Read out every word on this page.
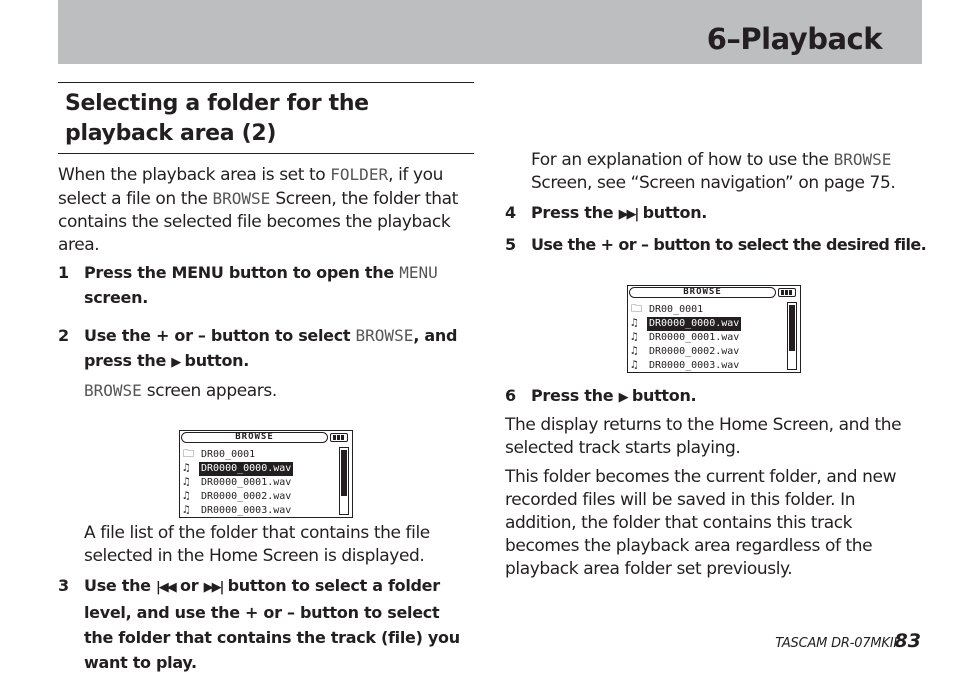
6–Playback
Selecting a folder for the playback area (2)
When the playback area is set to FOLDER, if you select a file on the BROWSE Screen, the folder that contains the selected file becomes the playback area.
1 Press the MENU button to open the MENU screen.
2 Use the + or – button to select BROWSE, and press the ▶ button.
BROWSE screen appears.
BROWSE
🗀 DR00_0001
♫ DR0000_0000.wav
♫ DR0000_0001.wav
♫ DR0000_0002.wav
♫ DR0000_0003.wav
A file list of the folder that contains the file selected in the Home Screen is displayed.
3 Use the |◀◀ or ▶▶| button to select a folder level, and use the + or – button to select the folder that contains the track (file) you want to play.
For an explanation of how to use the BROWSE Screen, see “Screen navigation” on page 75.
4 Press the ▶▶| button.
5 Use the + or – button to select the desired file.
BROWSE
🗀 DR00_0001
♫ DR0000_0000.wav
♫ DR0000_0001.wav
♫ DR0000_0002.wav
♫ DR0000_0003.wav
6 Press the ▶ button.
The display returns to the Home Screen, and the selected track starts playing.
This folder becomes the current folder, and new recorded files will be saved in this folder. In addition, the folder that contains this track becomes the playback area regardless of the playback area folder set previously.
TASCAM DR-07MKII
83
